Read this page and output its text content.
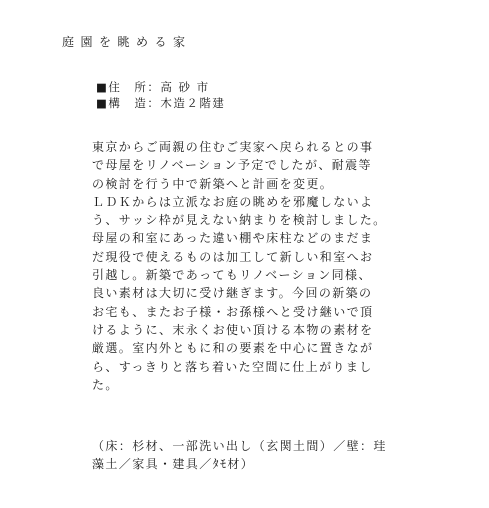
庭園を眺める家
■住　所：高 砂 市
■構　造：木造２階建
東京からご両親の住むご実家へ戻られるとの事
で母屋をリノベーション予定でしたが、耐震等
の検討を行う中で新築へと計画を変更。
ＬＤＫからは立派なお庭の眺めを邪魔しないよ
う、サッシ枠が見えない納まりを検討しました。
母屋の和室にあった違い棚や床柱などのまだま
だ現役で使えるものは加工して新しい和室へお
引越し。新築であってもリノベーション同様、
良い素材は大切に受け継ぎます。今回の新築の
お宅も、またお子様・お孫様へと受け継いで頂
けるように、末永くお使い頂ける本物の素材を
厳選。室内外ともに和の要素を中心に置きなが
ら、すっきりと落ち着いた空間に仕上がりまし
た。
（床：杉材、一部洗い出し（玄関土間）／壁：珪
藻土／家具・建具／ﾀﾓ材）
